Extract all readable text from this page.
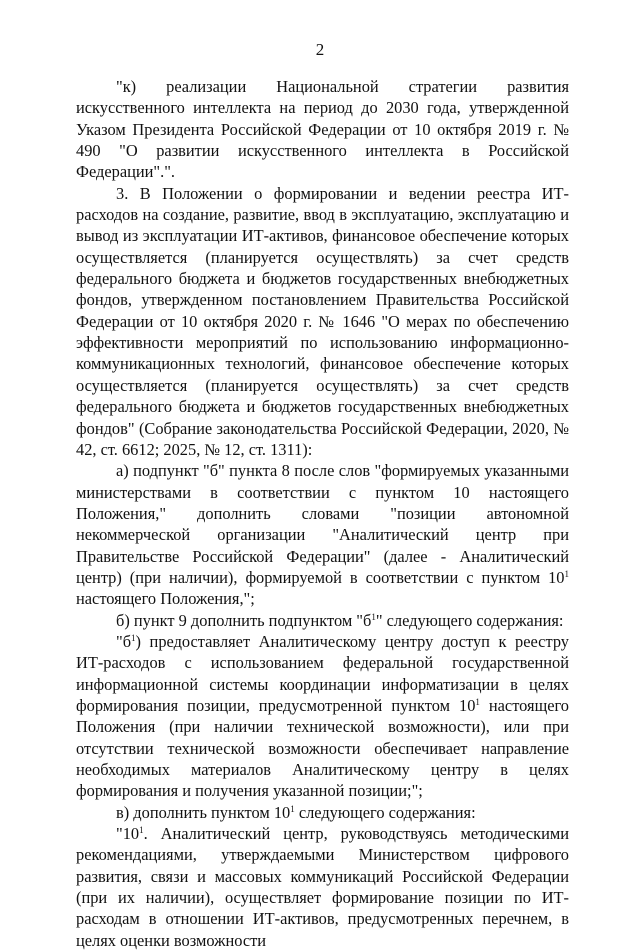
2

"к) реализации Национальной стратегии развития искусственного интеллекта на период до 2030 года, утвержденной Указом Президента Российской Федерации от 10 октября 2019 г. № 490 "О развитии искусственного интеллекта в Российской Федерации".".

3. В Положении о формировании и ведении реестра ИТ-расходов на создание, развитие, ввод в эксплуатацию, эксплуатацию и вывод из эксплуатации ИТ-активов, финансовое обеспечение которых осуществляется (планируется осуществлять) за счет средств федерального бюджета и бюджетов государственных внебюджетных фондов, утвержденном постановлением Правительства Российской Федерации от 10 октября 2020 г. № 1646 "О мерах по обеспечению эффективности мероприятий по использованию информационно-коммуникационных технологий, финансовое обеспечение которых осуществляется (планируется осуществлять) за счет средств федерального бюджета и бюджетов государственных внебюджетных фондов" (Собрание законодательства Российской Федерации, 2020, № 42, ст. 6612; 2025, № 12, ст. 1311):

а) подпункт "б" пункта 8 после слов "формируемых указанными министерствами в соответствии с пунктом 10 настоящего Положения," дополнить словами "позиции автономной некоммерческой организации "Аналитический центр при Правительстве Российской Федерации" (далее - Аналитический центр) (при наличии), формируемой в соответствии с пунктом $10^1$ настоящего Положения,";

б) пункт 9 дополнить подпунктом "$б^1$" следующего содержания:

"$б^1$) предоставляет Аналитическому центру доступ к реестру ИТ-расходов с использованием федеральной государственной информационной системы координации информатизации в целях формирования позиции, предусмотренной пунктом $10^1$ настоящего Положения (при наличии технической возможности), или при отсутствии технической возможности обеспечивает направление необходимых материалов Аналитическому центру в целях формирования и получения указанной позиции;";

в) дополнить пунктом $10^1$ следующего содержания:

"$10^1$. Аналитический центр, руководствуясь методическими рекомендациями, утверждаемыми Министерством цифрового развития, связи и массовых коммуникаций Российской Федерации (при их наличии), осуществляет формирование позиции по ИТ-расходам в отношении ИТ-активов, предусмотренных перечнем, в целях оценки возможности
